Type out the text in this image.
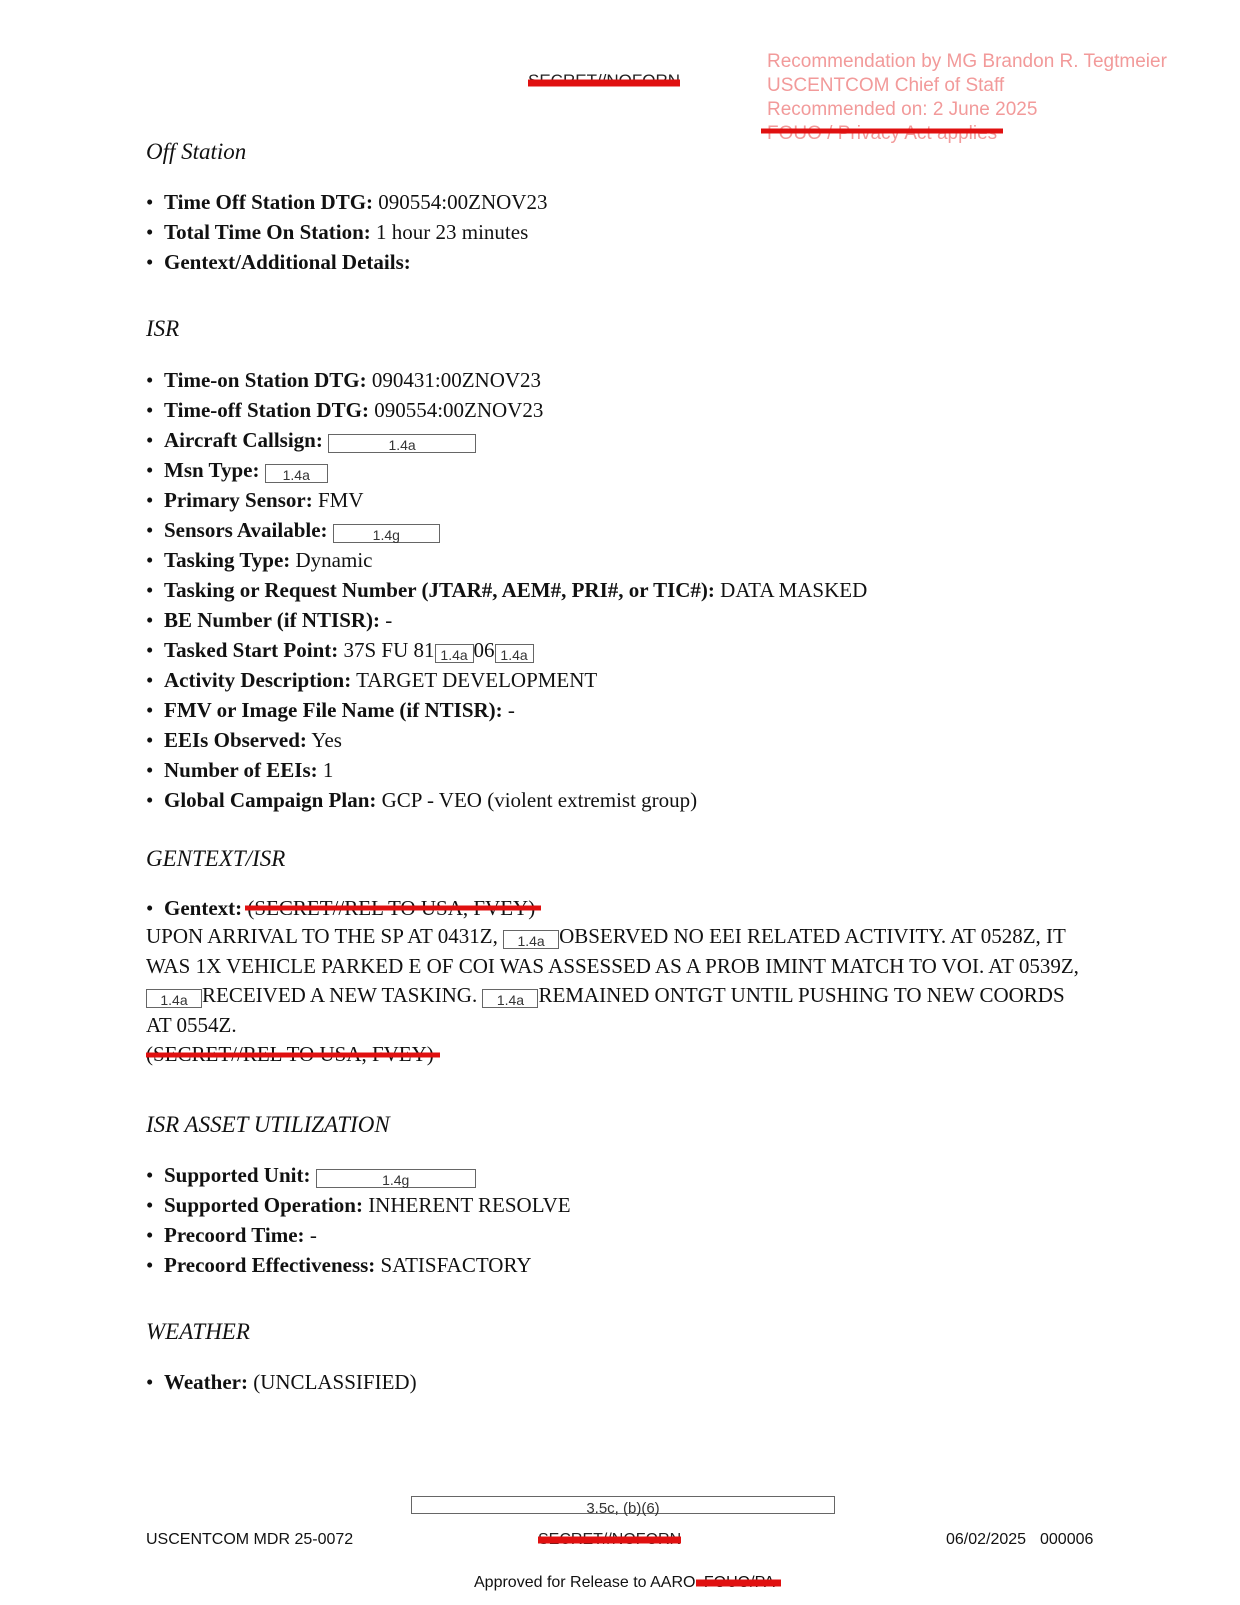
Recommendation by MG Brandon R. Tegtmeier
USCENTCOM Chief of Staff
Recommended on: 2 June 2025
Off Station
• Time Off Station DTG: 090554:00ZNOV23
• Total Time On Station: 1 hour 23 minutes
• Gentext/Additional Details:
ISR
• Time-on Station DTG: 090431:00ZNOV23
• Time-off Station DTG: 090554:00ZNOV23
• Aircraft Callsign:	1.4a
• Msn Type: 1.4a
• Primary Sensor: FMV
• Sensors Available:	1.4g
• Tasking Type: Dynamic
• Tasking or Request Number (JTAR#, AEM#, PRI#, or TIC#): DATA MASKED
• BE Number (if NTISR): -
• Tasked Start Point: 37S FU 81 1.4a 06 1.4a
• Activity Description: TARGET DEVELOPMENT
• FMV or Image File Name (if NTISR): -
• EEIs Observed: Yes
• Number of EEIs: 1
• Global Campaign Plan: GCP - VEO (violent extremist group)
GENTEXT/ISR
• Gentext:
UPON ARRIVAL TO THE SP AT 0431Z, 1.4a OBSERVED NO EEI RELATED ACTIVITY. AT 0528Z, IT WAS 1X VEHICLE PARKED E OF COI WAS ASSESSED AS A PROB IMINT MATCH TO VOI. AT 0539Z, 1.4a RECEIVED A NEW TASKING. 1.4a REMAINED ONTGT UNTIL PUSHING TO NEW COORDS AT 0554Z.

ISR ASSET UTILIZATION
• Supported Unit:	1.4g
• Supported Operation: INHERENT RESOLVE
• Precoord Time: -
• Precoord Effectiveness: SATISFACTORY
WEATHER
• Weather: (UNCLASSIFIED)
3.5c, (b)(6)
USCENTCOM MDR 25-0072	06/02/2025 000006
Approved for Release to AARO
